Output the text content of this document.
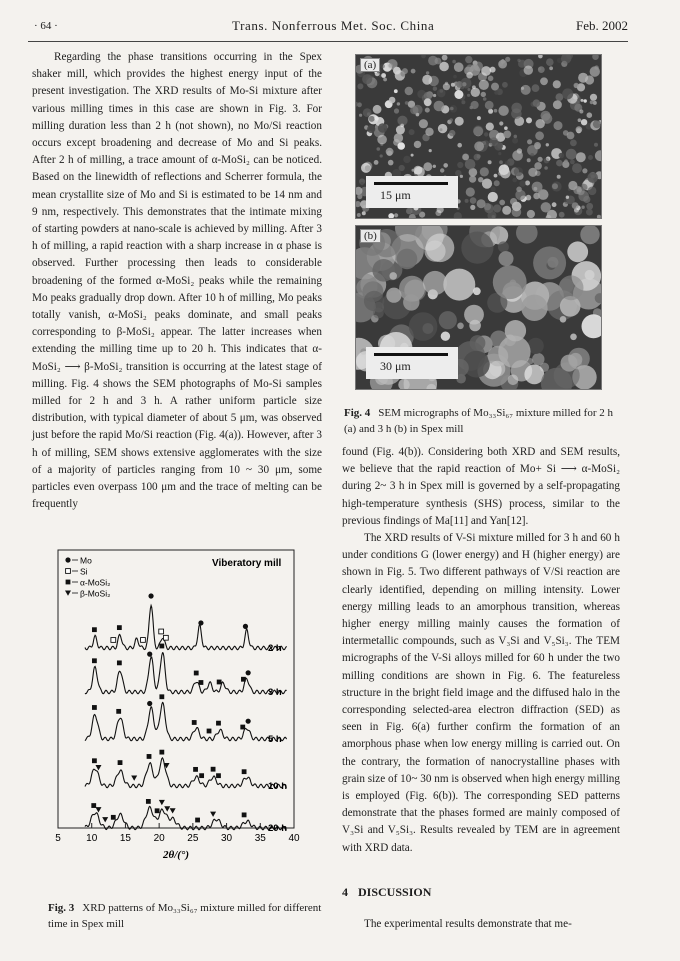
· 64 ·	Trans. Nonferrous Met. Soc. China	Feb. 2002

Regarding the phase transitions occurring in the Spex shaker mill, which provides the highest energy input of the present investigation. The XRD results of Mo-Si mixture after various milling times in this case are shown in Fig. 3. For milling duration less than 2 h (not shown), no Mo/Si reaction occurs except broadening and decrease of Mo and Si peaks. After 2 h of milling, a trace amount of α-MoSi₂ can be noticed. Based on the linewidth of reflections and Scherrer formula, the mean crystallite size of Mo and Si is estimated to be 14 nm and 9 nm, respectively. This demonstrates that the intimate mixing of starting powders at nano-scale is achieved by milling. After 3 h of milling, a rapid reaction with a sharp increase in α phase is observed. Further processing then leads to considerable broadening of the formed α-MoSi₂ peaks while the remaining Mo peaks gradually drop down. After 10 h of milling, Mo peaks totally vanish, α-MoSi₂ peaks dominate, and small peaks corresponding to β-MoSi₂ appear. The latter increases when extending the milling time up to 20 h. This indicates that α-MoSi₂ ⟶ β-MoSi₂ transition is occurring at the latest stage of milling. Fig. 4 shows the SEM photographs of Mo-Si samples milled for 2 h and 3 h. A rather uniform particle size distribution, with typical diameter of about 5 μm, was observed just before the rapid Mo/Si reaction (Fig. 4(a)). However, after 3 h of milling, SEM shows extensive agglomerates with the size of a majority of particles ranging from 10 ~ 30 μm, some particles even overpass 100 μm and the trace of melting can be frequently

(a)
15 μm
(b)
30 μm
Fig. 4 SEM micrographs of Mo₃₃Si₆₇ mixture milled for 2 h (a) and 3 h (b) in Spex mill

found (Fig. 4(b)). Considering both XRD and SEM results, we believe that the rapid reaction of Mo+ Si ⟶ α-MoSi₂ during 2~ 3 h in Spex mill is governed by a self-propagating high-temperature synthesis (SHS) process, similar to the previous findings of Ma[11] and Yan[12].

The XRD results of V-Si mixture milled for 3 h and 60 h under conditions G (lower energy) and H (higher energy) are shown in Fig. 5. Two different pathways of V/Si reaction are clearly identified, depending on milling intensity. Lower energy milling leads to an amorphous transition, whereas higher energy milling mainly causes the formation of intermetallic compounds, such as V₃Si and V₅Si₃. The TEM micrographs of the V-Si alloys milled for 60 h under the two milling conditions are shown in Fig. 6. The featureless structure in the bright field image and the diffused halo in the corresponding selected-area electron diffraction (SED) as seen in Fig. 6(a) further confirm the formation of an amorphous phase when low energy milling is carried out. On the contrary, the formation of nanocrystalline phases with grain size of 10~ 30 nm is observed when high energy milling is employed (Fig. 6(b)). The corresponding SED patterns demonstrate that the phases formed are mainly composed of V₃Si and V₅Si₃. Results revealed by TEM are in agreement with XRD data.

4 DISCUSSION
The experimental results demonstrate that me-
Viberatory mill
Mo
Si
α-MoSi₂
β-MoSi₂
2 h
3 h
5 h
10 h
20 h
5	10 15 20 25 30 35 40
2θ/(°)
Fig. 3 XRD patterns of Mo₃₃Si₆₇ mixture milled for different time in Spex mill
